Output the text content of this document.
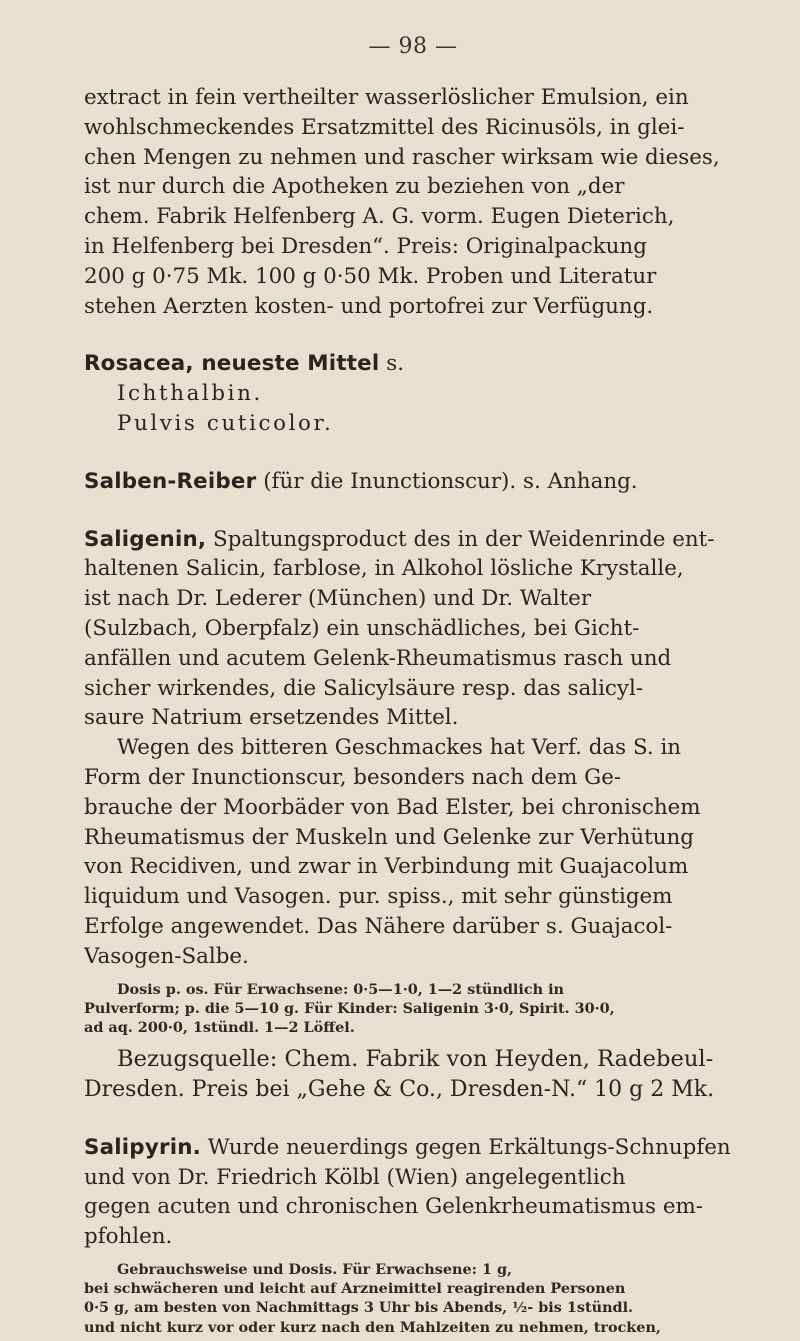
— 98 —
extract in fein vertheilter wasserlöslicher Emulsion, ein
wohlschmeckendes Ersatzmittel des Ricinusöls, in glei-
chen Mengen zu nehmen und rascher wirksam wie dieses,
ist nur durch die Apotheken zu beziehen von „der
chem. Fabrik Helfenberg A. G. vorm. Eugen Dieterich,
in Helfenberg bei Dresden“. Preis: Originalpackung
200 g 0·75 Mk. 100 g 0·50 Mk. Proben und Literatur
stehen Aerzten kosten- und portofrei zur Verfügung.
Rosacea, neueste Mittel s.
Ichthalbin.
Pulvis cuticolor.
Salben-Reiber (für die Inunctionscur). s. Anhang.
Saligenin, Spaltungsproduct des in der Weidenrinde ent-
haltenen Salicin, farblose, in Alkohol lösliche Krystalle,
ist nach Dr. Lederer (München) und Dr. Walter
(Sulzbach, Oberpfalz) ein unschädliches, bei Gicht-
anfällen und acutem Gelenk-Rheumatismus rasch und
sicher wirkendes, die Salicylsäure resp. das salicyl-
saure Natrium ersetzendes Mittel.
Wegen des bitteren Geschmackes hat Verf. das S. in
Form der Inunctionscur, besonders nach dem Ge-
brauche der Moorbäder von Bad Elster, bei chronischem
Rheumatismus der Muskeln und Gelenke zur Verhütung
von Recidiven, und zwar in Verbindung mit Guajacolum
liquidum und Vasogen. pur. spiss., mit sehr günstigem
Erfolge angewendet. Das Nähere darüber s. Guajacol-
Vasogen-Salbe.
Dosis p. os. Für Erwachsene: 0·5—1·0, 1—2 stündlich in
Pulverform; p. die 5—10 g. Für Kinder: Saligenin 3·0, Spirit. 30·0,
ad aq. 200·0, 1stündl. 1—2 Löffel.
Bezugsquelle: Chem. Fabrik von Heyden, Radebeul-
Dresden. Preis bei „Gehe & Co., Dresden-N.“ 10 g 2 Mk.
Salipyrin. Wurde neuerdings gegen Erkältungs-Schnupfen
und von Dr. Friedrich Kölbl (Wien) angelegentlich
gegen acuten und chronischen Gelenkrheumatismus em-
pfohlen.
Gebrauchsweise und Dosis. Für Erwachsene: 1 g,
bei schwächeren und leicht auf Arzneimittel reagirenden Personen
0·5 g, am besten von Nachmittags 3 Uhr bis Abends, ½- bis 1stündl.
und nicht kurz vor oder kurz nach den Mahlzeiten zu nehmen, trocken,
